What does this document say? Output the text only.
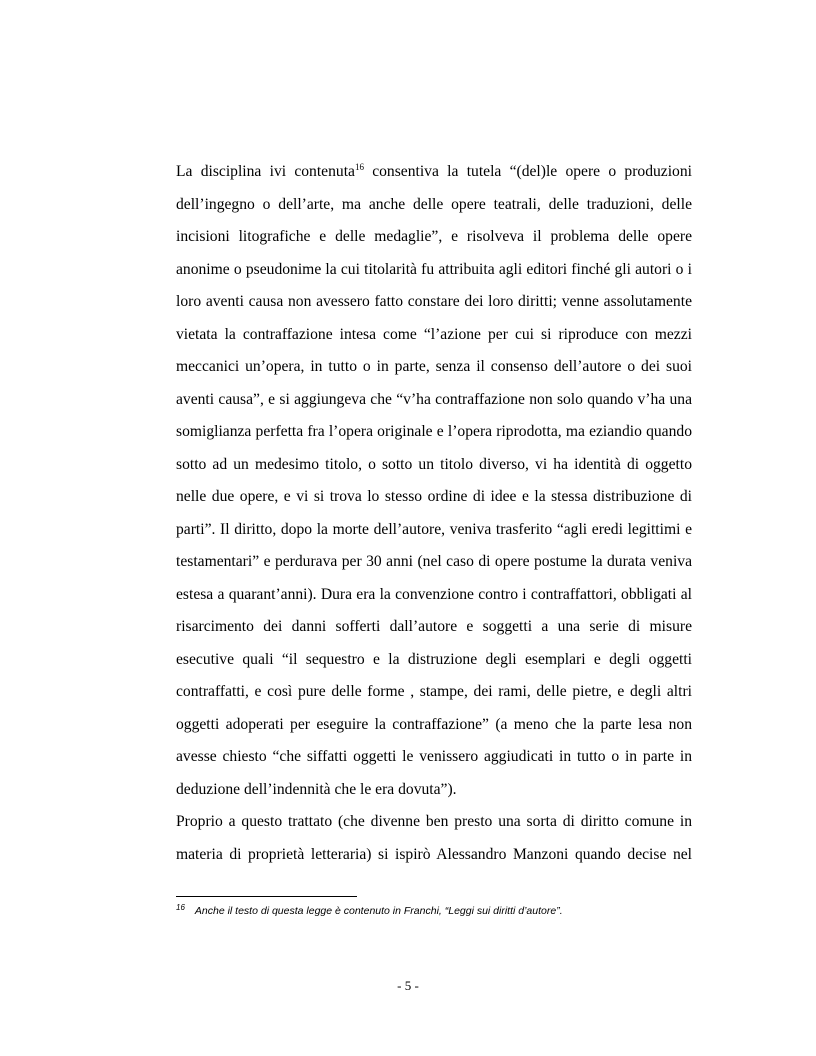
La disciplina ivi contenuta$^{16}$ consentiva la tutela “(del)le opere o produzioni
dell’ingegno o dell’arte, ma anche delle opere teatrali, delle traduzioni, delle
incisioni litografiche e delle medaglie”, e risolveva il problema delle opere
anonime o pseudonime la cui titolarità fu attribuita agli editori finché gli autori o i
loro aventi causa non avessero fatto constare dei loro diritti; venne assolutamente
vietata la contraffazione intesa come “l’azione per cui si riproduce con mezzi
meccanici un’opera, in tutto o in parte, senza il consenso dell’autore o dei suoi
aventi causa”, e si aggiungeva che “v’ha contraffazione non solo quando v’ha una
somiglianza perfetta fra l’opera originale e l’opera riprodotta, ma eziandio quando
sotto ad un medesimo titolo, o sotto un titolo diverso, vi ha identità di oggetto
nelle due opere, e vi si trova lo stesso ordine di idee e la stessa distribuzione di
parti”. Il diritto, dopo la morte dell’autore, veniva trasferito “agli eredi legittimi e
testamentari” e perdurava per 30 anni (nel caso di opere postume la durata veniva
estesa a quarant’anni). Dura era la convenzione contro i contraffattori, obbligati al
risarcimento dei danni sofferti dall’autore e soggetti a una serie di misure
esecutive quali “il sequestro e la distruzione degli esemplari e degli oggetti
contraffatti, e così pure delle forme , stampe, dei rami, delle pietre, e degli altri
oggetti adoperati per eseguire la contraffazione” (a meno che la parte lesa non
avesse chiesto “che siffatti oggetti le venissero aggiudicati in tutto o in parte in
deduzione dell’indennità che le era dovuta”).
Proprio a questo trattato (che divenne ben presto una sorta di diritto comune in
materia di proprietà letteraria) si ispirò Alessandro Manzoni quando decise nel
$^{16}$ Anche il testo di questa legge è contenuto in Franchi, “Leggi sui diritti d’autore”.
- 5 -
